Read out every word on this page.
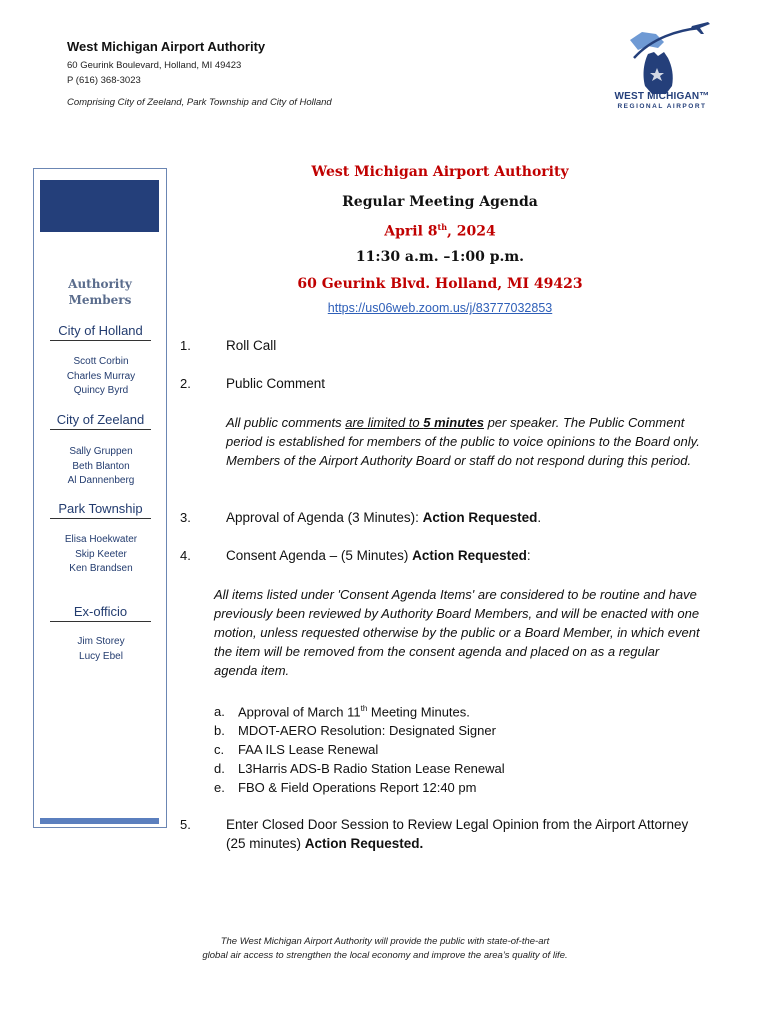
West Michigan Airport Authority
60 Geurink Boulevard, Holland, MI 49423
P (616) 368-3023
Comprising City of Zeeland, Park Township and City of Holland
WEST MICHIGAN™
REGIONAL AIRPORT
Authority
Members
City of Holland
Scott Corbin
Charles Murray
Quincy Byrd
City of Zeeland
Sally Gruppen
Beth Blanton
Al Dannenberg
Park Township
Elisa Hoekwater
Skip Keeter
Ken Brandsen
Ex-officio
Jim Storey
Lucy Ebel
West Michigan Airport Authority
Regular Meeting Agenda
April 8th, 2024
11:30 a.m. –1:00 p.m.
60 Geurink Blvd. Holland, MI 49423
https://us06web.zoom.us/j/83777032853
1.	Roll Call
2.	Public Comment
All public comments are limited to 5 minutes per speaker. The Public Comment period is established for members of the public to voice opinions to the Board only. Members of the Airport Authority Board or staff do not respond during this period.
3.	Approval of Agenda (3 Minutes): Action Requested.
4.	Consent Agenda – (5 Minutes) Action Requested:
All items listed under 'Consent Agenda Items' are considered to be routine and have previously been reviewed by Authority Board Members, and will be enacted with one motion, unless requested otherwise by the public or a Board Member, in which event the item will be removed from the consent agenda and placed on as a regular agenda item.
a. Approval of March 11th Meeting Minutes.
b. MDOT-AERO Resolution: Designated Signer
c. FAA ILS Lease Renewal
d. L3Harris ADS-B Radio Station Lease Renewal
e. FBO & Field Operations Report 12:40 pm
5.	Enter Closed Door Session to Review Legal Opinion from the Airport Attorney
(25 minutes) Action Requested.
The West Michigan Airport Authority will provide the public with state-of-the-art
global air access to strengthen the local economy and improve the area’s quality of life.
